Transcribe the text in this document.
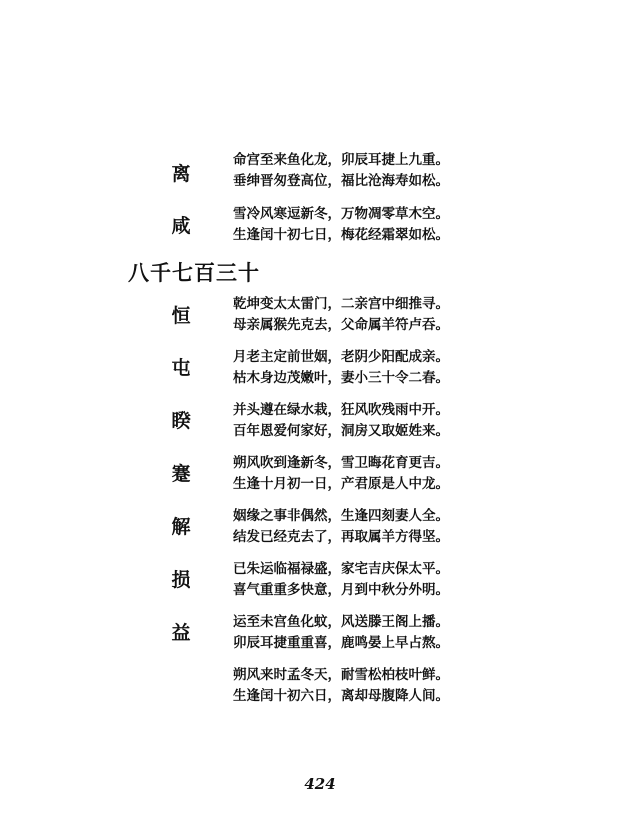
离
咸
八千七百三十
恒
屯
睽
蹇
解
损
益
命宫至来鱼化龙，卯辰耳捷上九重。
垂绅晋匆登高位，福比沧海寿如松。
雪冷风寒逗新冬，万物凋零草木空。
生逢闰十初七日，梅花经霜翠如松。
乾坤变太太雷门，二亲宫中细推寻。
母亲属猴先克去，父命属羊符卢吞。
月老主定前世姻，老阴少阳配成亲。
枯木身边茂嫩叶，妻小三十令二春。
并头遵在绿水栽，狂风吹残雨中开。
百年恩爱何家好，洞房又取姬姓来。
朔风吹到逢新冬，雪卫晦花育更吉。
生逢十月初一日，产君原是人中龙。
姻缘之事非偶然，生逢四刻妻人全。
结发已经克去了，再取属羊方得坚。
已朱运临福禄盛，家宅吉庆保太平。
喜气重重多快意，月到中秋分外明。
运至未宫鱼化蚊，风送滕王阁上播。
卯辰耳捷重重喜，鹿鸣晏上早占熬。
朔风来时孟冬天，耐雪松柏枝叶鲜。
生逢闰十初六日，离却母腹降人间。
424
